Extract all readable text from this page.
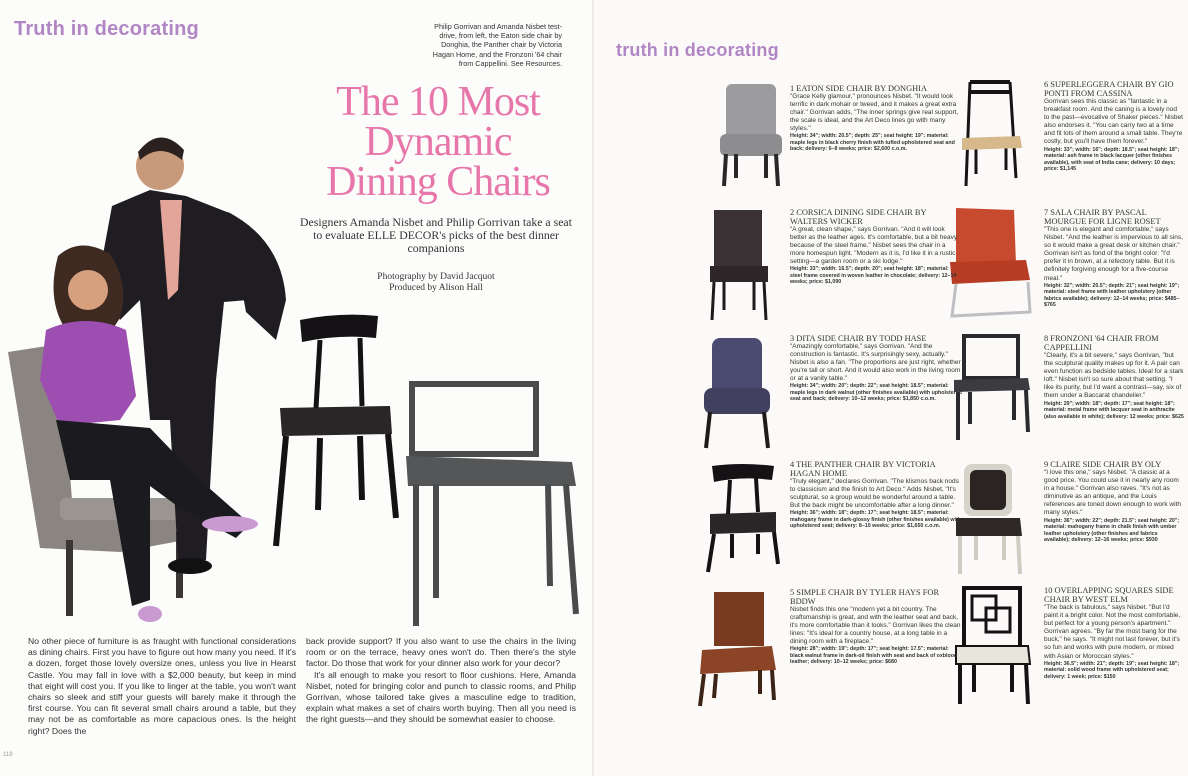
Truth in decorating	Philip Gorrivan and Amanda Nisbet test-drive, from left, the Eaton side chair by Donghia, the Panther chair by Victoria Hagan Home, and the Fronzoni '64 chair from Cappellini. See Resources.
The 10 Most
Dynamic
Dining Chairs
Designers Amanda Nisbet and Philip Gorrivan take a seat to evaluate ELLE DECOR's picks of the best dinner companions
Photography by David Jacquot
Produced by Alison Hall

No other piece of furniture is as fraught with functional considerations as dining chairs. First you have to figure out how many you need. If it's a dozen, forget those lovely oversize ones, unless you live in Hearst Castle. You may fall in love with a $2,000 beauty, but keep in mind that eight will cost you. If you like to linger at the table, you won't want chairs so sleek and stiff your guests will barely make it through the first course. You can fit several small chairs around a table, but they may not be as comfortable as more capacious ones. Is the height right? Does the

back provide support? If you also want to use the chairs in the living room or on the terrace, heavy ones won't do. Then there's the style factor. Do those that work for your dinner also work for your decor?

It's all enough to make you resort to floor cushions. Here, Amanda Nisbet, noted for bringing color and punch to classic rooms, and Philip Gorrivan, whose tailored take gives a masculine edge to tradition, explain what makes a set of chairs worth buying. Then all you need is the right guests—and they should be somewhat easier to choose.

118
truth in decorating
1 EATON SIDE CHAIR BY DONGHIA
"Grace Kelly glamour," pronounces Nisbet. "It would look terrific in dark mohair or tweed, and it makes a great extra chair." Gorrivan adds, "The inner springs give real support, the scale is ideal, and the Art Deco lines go with many styles."
Height: 34"; width: 20.5"; depth: 25"; seat height: 19"; material: maple legs in black cherry finish with tufted upholstered seat and back; delivery: 6–8 weeks; price: $2,600 c.o.m.
2 CORSICA DINING SIDE CHAIR BY WALTERS WICKER
"A great, clean shape," says Gorrivan. "And it will look better as the leather ages. It's comfortable, but a bit heavy because of the steel frame." Nisbet sees the chair in a more homespun light. "Modern as it is, I'd like it in a rustic setting—a garden room or a ski lodge."
Height: 33"; width: 16.5"; depth: 20"; seat height: 18"; material: steel frame covered in woven leather in chocolate; delivery: 12–14 weeks; price: $1,090
3 DITA SIDE CHAIR BY TODD HASE
"Amazingly comfortable," says Gorrivan. "And the construction is fantastic. It's surprisingly sexy, actually." Nisbet is also a fan. "The proportions are just right, whether you're tall or short. And it would also work in the living room or at a vanity table."
Height: 34"; width: 20"; depth: 22"; seat height: 18.5"; material: maple legs in dark walnut (other finishes available) with upholstered seat and back; delivery: 10–12 weeks; price: $1,850 c.o.m.
4 THE PANTHER CHAIR BY VICTORIA HAGAN HOME
"Truly elegant," declares Gorrivan. "The klismos back nods to classicism and the finish to Art Deco." Adds Nisbet, "It's sculptural, so a group would be wonderful around a table. But the back might be uncomfortable after a long dinner."
Height: 36"; width: 18"; depth: 17"; seat height: 18.5"; material: mahogany frame in dark-glossy finish (other finishes available) with upholstered seat; delivery: 8–10 weeks; price: $1,650 c.o.m.
5 SIMPLE CHAIR BY TYLER HAYS FOR BDDW
Nisbet finds this one "modern yet a bit country. The craftsmanship is great, and with the leather seat and back, it's more comfortable than it looks." Gorrivan likes the clean lines: "It's ideal for a country house, at a long table in a dining room with a fireplace."
Height: 28"; width: 19"; depth: 17"; seat height: 17.5"; material: black walnut frame in dark-oil finish with seat and back of oxblood leather; delivery: 10–12 weeks; price: $680
6 SUPERLEGGERA CHAIR BY GIO PONTI FROM CASSINA
Gorrivan sees this classic as "fantastic in a breakfast room. And the caning is a lovely nod to the past—evocative of Shaker pieces." Nisbet also endorses it. "You can carry two at a time and fit lots of them around a small table. They're costly, but you'll have them forever."
Height: 33"; width: 16"; depth: 18.5"; seat height: 18"; material: ash frame in black lacquer (other finishes available), with seat of India cane; delivery: 10 days; price: $1,145
7 SALA CHAIR BY PASCAL MOURGUE FOR LIGNE ROSET
"This one is elegant and comfortable," says Nisbet. "And the leather is impervious to all sins, so it would make a great desk or kitchen chair." Gorrivan isn't as fond of the bright color: "I'd prefer it in brown, at a refectory table. But it is definitely forgiving enough for a five-course meal."
Height: 32"; width: 20.5"; depth: 21"; seat height: 19"; material: steel frame with leather upholstery (other fabrics available); delivery: 12–14 weeks; price: $485–$765
8 FRONZONI '64 CHAIR FROM CAPPELLINI
"Clearly, it's a bit severe," says Gorrivan, "but the sculptural quality makes up for it. A pair can even function as bedside tables. Ideal for a stark loft." Nisbet isn't so sure about that setting. "I like its purity, but I'd want a contrast—say, six of them under a Baccarat chandelier."
Height: 29"; width: 18"; depth: 17"; seat height: 18"; material: metal frame with lacquer seat in anthracite (also available in white); delivery: 12 weeks; price: $625
9 CLAIRE SIDE CHAIR BY OLY
"I love this one," says Nisbet. "A classic at a good price. You could use it in nearly any room in a house." Gorrivan also raves. "It's not as diminutive as an antique, and the Louis references are toned down enough to work with many styles."
Height: 36"; width: 22"; depth: 21.5"; seat height: 20"; material: mahogany frame in chalk finish with umber leather upholstery (other finishes and fabrics available); delivery: 12–16 weeks; price: $930
10 OVERLAPPING SQUARES SIDE CHAIR BY WEST ELM
"The back is fabulous," says Nisbet. "But I'd paint it a bright color. Not the most comfortable, but perfect for a young person's apartment." Gorrivan agrees. "By far the most bang for the buck," he says. "It might not last forever, but it's so fun and works with pure modern, or mixed with Asian or Moroccan styles."
Height: 36.5"; width: 21"; depth: 19"; seat height: 18"; material: solid wood frame with upholstered seat; delivery: 1 week; price: $150
